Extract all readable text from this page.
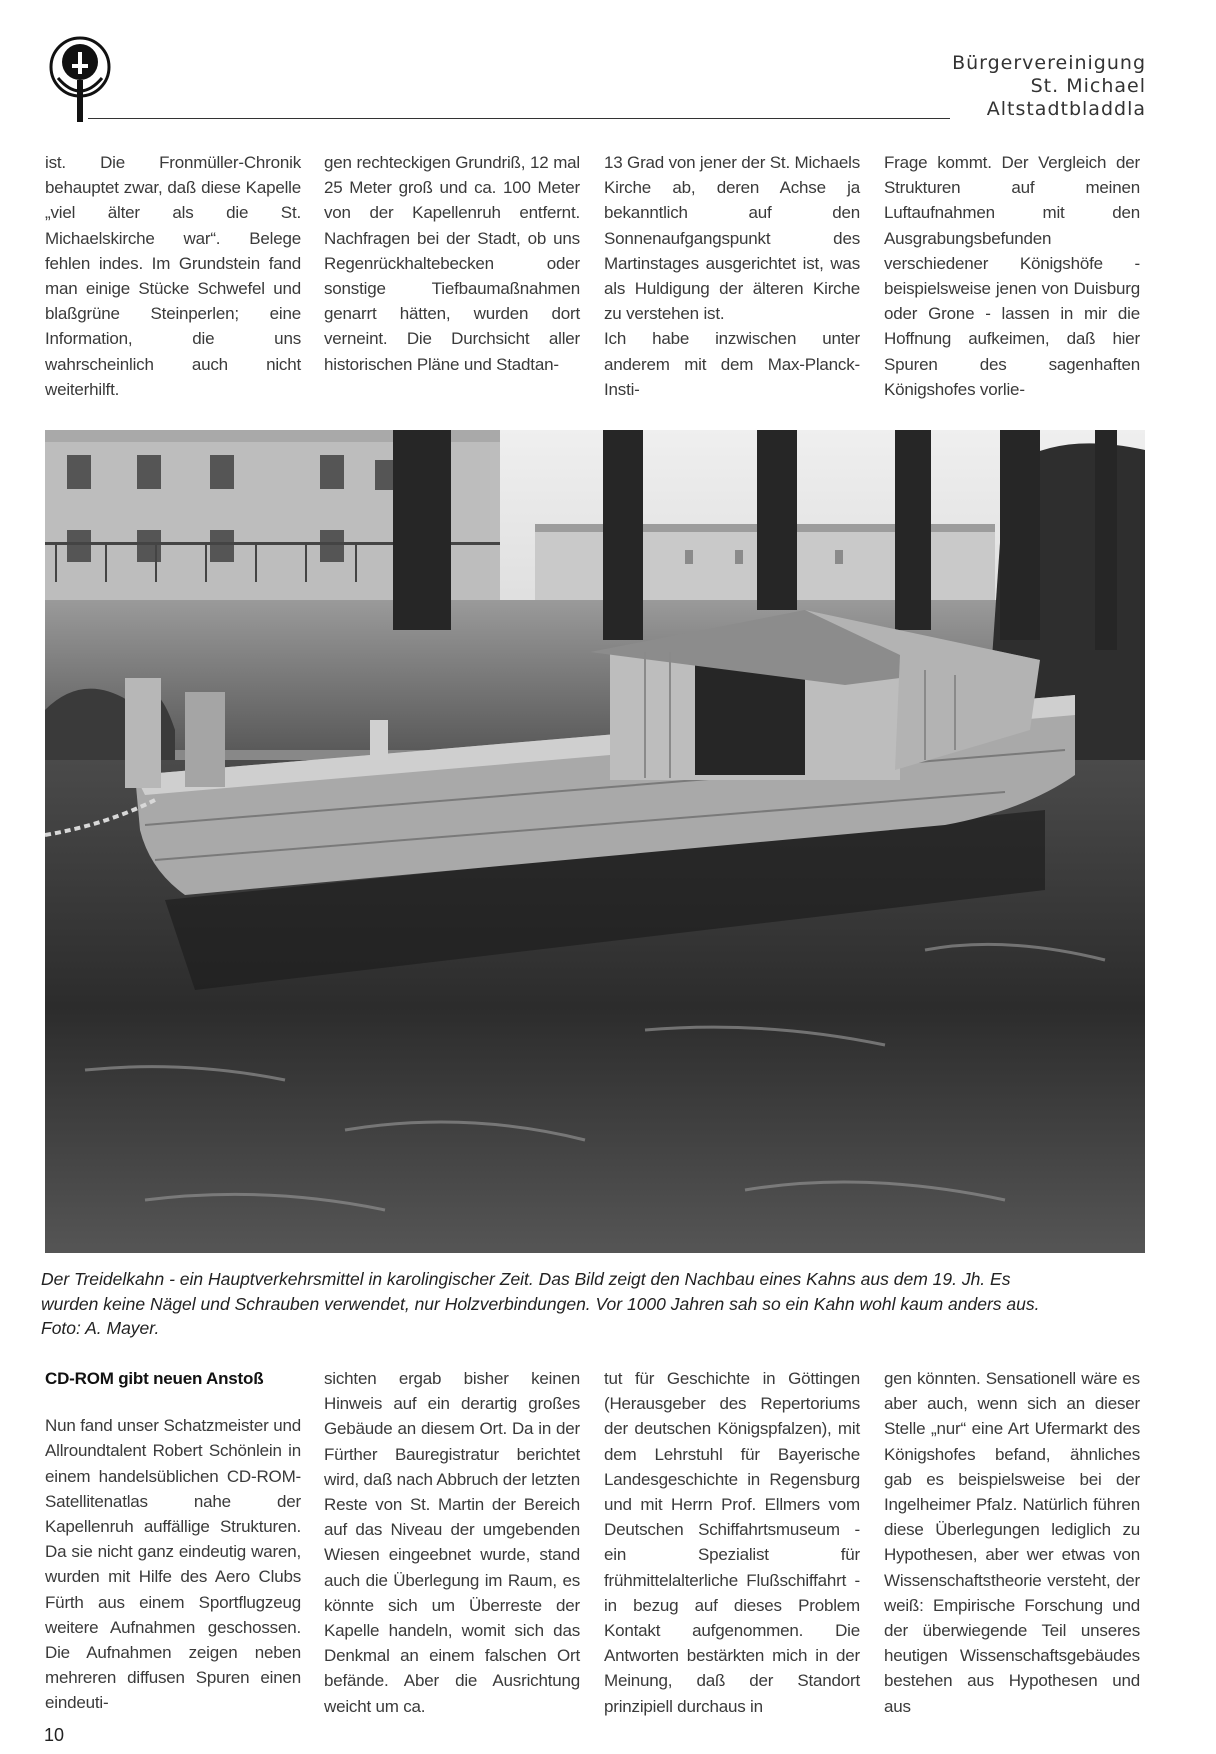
Bürgervereinigung
St. Michael
Altstadtbladdla

ist. Die Fronmüller-Chronik behauptet zwar, daß diese Kapelle „viel älter als die St. Michaelskirche war“. Belege fehlen indes. Im Grundstein fand man einige Stücke Schwefel und blaßgrüne Steinperlen; eine Information, die uns wahrscheinlich auch nicht weiterhilft.

gen rechteckigen Grundriß, 12 mal 25 Meter groß und ca. 100 Meter von der Kapellenruh entfernt. Nachfragen bei der Stadt, ob uns Regenrückhaltebecken oder sonstige Tiefbaumaßnahmen genarrt hätten, wurden dort verneint. Die Durchsicht aller historischen Pläne und Stadtan-

13 Grad von jener der St. Michaels Kirche ab, deren Achse ja bekanntlich auf den Sonnenaufgangspunkt des Martinstages ausgerichtet ist, was als Huldigung der älteren Kirche zu verstehen ist.

Ich habe inzwischen unter anderem mit dem Max-Planck-Insti-

Frage kommt. Der Vergleich der Strukturen auf meinen Luftaufnahmen mit den Ausgrabungsbefunden verschiedener Königshöfe - beispielsweise jenen von Duisburg oder Grone - lassen in mir die Hoffnung aufkeimen, daß hier Spuren des sagenhaften Königshofes vorlie-

Der Treidelkahn - ein Hauptverkehrsmittel in karolingischer Zeit. Das Bild zeigt den Nachbau eines Kahns aus dem 19. Jh. Es

wurden keine Nägel und Schrauben verwendet, nur Holzverbindungen. Vor 1000 Jahren sah so ein Kahn wohl kaum anders aus.

Foto: A. Mayer.

CD-ROM gibt neuen Anstoß

Nun fand unser Schatzmeister und Allroundtalent Robert Schönlein in einem handelsüblichen CD-ROM-Satellitenatlas nahe der Kapellenruh auffällige Strukturen. Da sie nicht ganz eindeutig waren, wurden mit Hilfe des Aero Clubs Fürth aus einem Sportflugzeug weitere Aufnahmen geschossen. Die Aufnahmen zeigen neben mehreren diffusen Spuren einen eindeuti-

sichten ergab bisher keinen Hinweis auf ein derartig großes Gebäude an diesem Ort. Da in der Fürther Bauregistratur berichtet wird, daß nach Abbruch der letzten Reste von St. Martin der Bereich auf das Niveau der umgebenden Wiesen eingeebnet wurde, stand auch die Überlegung im Raum, es könnte sich um Überreste der Kapelle handeln, womit sich das Denkmal an einem falschen Ort befände. Aber die Ausrichtung weicht um ca.

tut für Geschichte in Göttingen (Herausgeber des Repertoriums der deutschen Königspfalzen), mit dem Lehrstuhl für Bayerische Landesgeschichte in Regensburg und mit Herrn Prof. Ellmers vom Deutschen Schiffahrtsmuseum - ein Spezialist für frühmittelalterliche Flußschiffahrt - in bezug auf dieses Problem Kontakt aufgenommen. Die Antworten bestärkten mich in der Meinung, daß der Standort prinzipiell durchaus in

gen könnten. Sensationell wäre es aber auch, wenn sich an dieser Stelle „nur“ eine Art Ufermarkt des Königshofes befand, ähnliches gab es beispielsweise bei der Ingelheimer Pfalz. Natürlich führen diese Überlegungen lediglich zu Hypothesen, aber wer etwas von Wissenschaftstheorie versteht, der weiß: Empirische Forschung und der überwiegende Teil unseres heutigen Wissenschaftsgebäudes bestehen aus Hypothesen und aus

10
